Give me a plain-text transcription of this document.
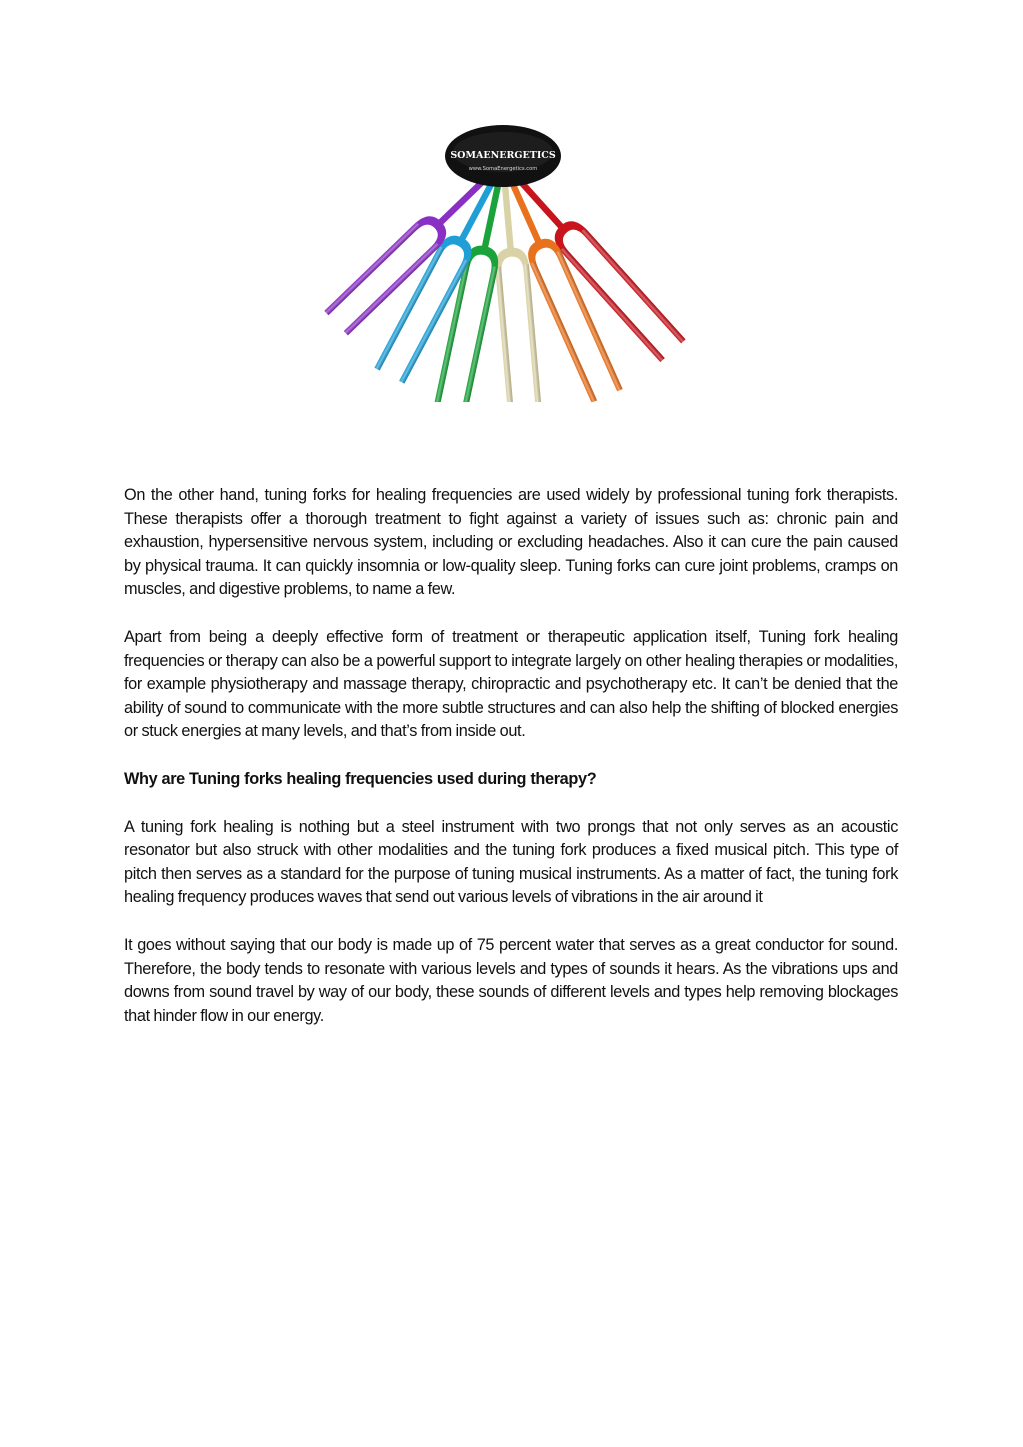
SOMAENERGETICS
www.SomaEnergetics.com

On the other hand, tuning forks for healing frequencies are used widely by professional tuning fork therapists. These therapists offer a thorough treatment to fight against a variety of issues such as: chronic pain and exhaustion, hypersensitive nervous system, including or excluding headaches. Also it can cure the pain caused by physical trauma. It can quickly insomnia or low-quality sleep. Tuning forks can cure joint problems, cramps on muscles, and digestive problems, to name a few.

Apart from being a deeply effective form of treatment or therapeutic application itself, Tuning fork healing frequencies or therapy can also be a powerful support to integrate largely on other healing therapies or modalities, for example physiotherapy and massage therapy, chiropractic and psychotherapy etc. It can’t be denied that the ability of sound to communicate with the more subtle structures and can also help the shifting of blocked energies or stuck energies at many levels, and that’s from inside out.

Why are Tuning forks healing frequencies used during therapy?

A tuning fork healing is nothing but a steel instrument with two prongs that not only serves as an acoustic resonator but also struck with other modalities and the tuning fork produces a fixed musical pitch. This type of pitch then serves as a standard for the purpose of tuning musical instruments. As a matter of fact, the tuning fork healing frequency produces waves that send out various levels of vibrations in the air around it

It goes without saying that our body is made up of 75 percent water that serves as a great conductor for sound. Therefore, the body tends to resonate with various levels and types of sounds it hears. As the vibrations ups and downs from sound travel by way of our body, these sounds of different levels and types help removing blockages that hinder flow in our energy.
